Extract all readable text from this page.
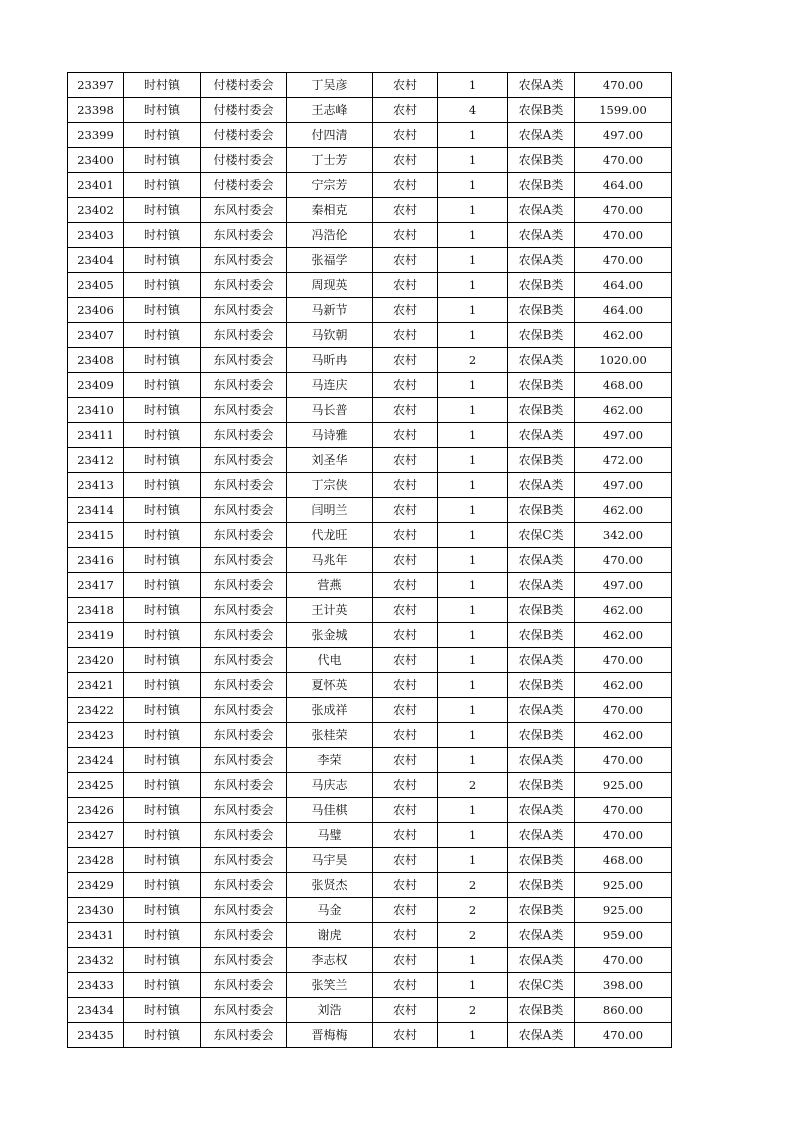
23397	时村镇	付楼村委会	丁吴彦	农村	1	农保A类	470.00
23398	时村镇	付楼村委会	王志峰	农村	4	农保B类	1599.00
23399	时村镇	付楼村委会	付四清	农村	1	农保A类	497.00
23400	时村镇	付楼村委会	丁士芳	农村	1	农保B类	470.00
23401	时村镇	付楼村委会	宁宗芳	农村	1	农保B类	464.00
23402	时村镇	东风村委会	秦相克	农村	1	农保A类	470.00
23403	时村镇	东风村委会	冯浩伦	农村	1	农保A类	470.00
23404	时村镇	东风村委会	张福学	农村	1	农保A类	470.00
23405	时村镇	东风村委会	周现英	农村	1	农保B类	464.00
23406	时村镇	东风村委会	马新节	农村	1	农保B类	464.00
23407	时村镇	东风村委会	马钦朝	农村	1	农保B类	462.00
23408	时村镇	东风村委会	马昕冉	农村	2	农保A类	1020.00
23409	时村镇	东风村委会	马连庆	农村	1	农保B类	468.00
23410	时村镇	东风村委会	马长普	农村	1	农保B类	462.00
23411	时村镇	东风村委会	马诗雅	农村	1	农保A类	497.00
23412	时村镇	东风村委会	刘圣华	农村	1	农保B类	472.00
23413	时村镇	东风村委会	丁宗侠	农村	1	农保A类	497.00
23414	时村镇	东风村委会	闫明兰	农村	1	农保B类	462.00
23415	时村镇	东风村委会	代龙旺	农村	1	农保C类	342.00
23416	时村镇	东风村委会	马兆年	农村	1	农保A类	470.00
23417	时村镇	东风村委会	营燕	农村	1	农保A类	497.00
23418	时村镇	东风村委会	王计英	农村	1	农保B类	462.00
23419	时村镇	东风村委会	张金城	农村	1	农保B类	462.00
23420	时村镇	东风村委会	代电	农村	1	农保A类	470.00
23421	时村镇	东风村委会	夏怀英	农村	1	农保B类	462.00
23422	时村镇	东风村委会	张成祥	农村	1	农保A类	470.00
23423	时村镇	东风村委会	张桂荣	农村	1	农保B类	462.00
23424	时村镇	东风村委会	李荣	农村	1	农保A类	470.00
23425	时村镇	东风村委会	马庆志	农村	2	农保B类	925.00
23426	时村镇	东风村委会	马佳棋	农村	1	农保A类	470.00
23427	时村镇	东风村委会	马璧	农村	1	农保A类	470.00
23428	时村镇	东风村委会	马宇昊	农村	1	农保B类	468.00
23429	时村镇	东风村委会	张贤杰	农村	2	农保B类	925.00
23430	时村镇	东风村委会	马金	农村	2	农保B类	925.00
23431	时村镇	东风村委会	谢虎	农村	2	农保A类	959.00
23432	时村镇	东风村委会	李志权	农村	1	农保A类	470.00
23433	时村镇	东风村委会	张笑兰	农村	1	农保C类	398.00
23434	时村镇	东风村委会	刘浩	农村	2	农保B类	860.00
23435	时村镇	东风村委会	晋梅梅	农村	1	农保A类	470.00
